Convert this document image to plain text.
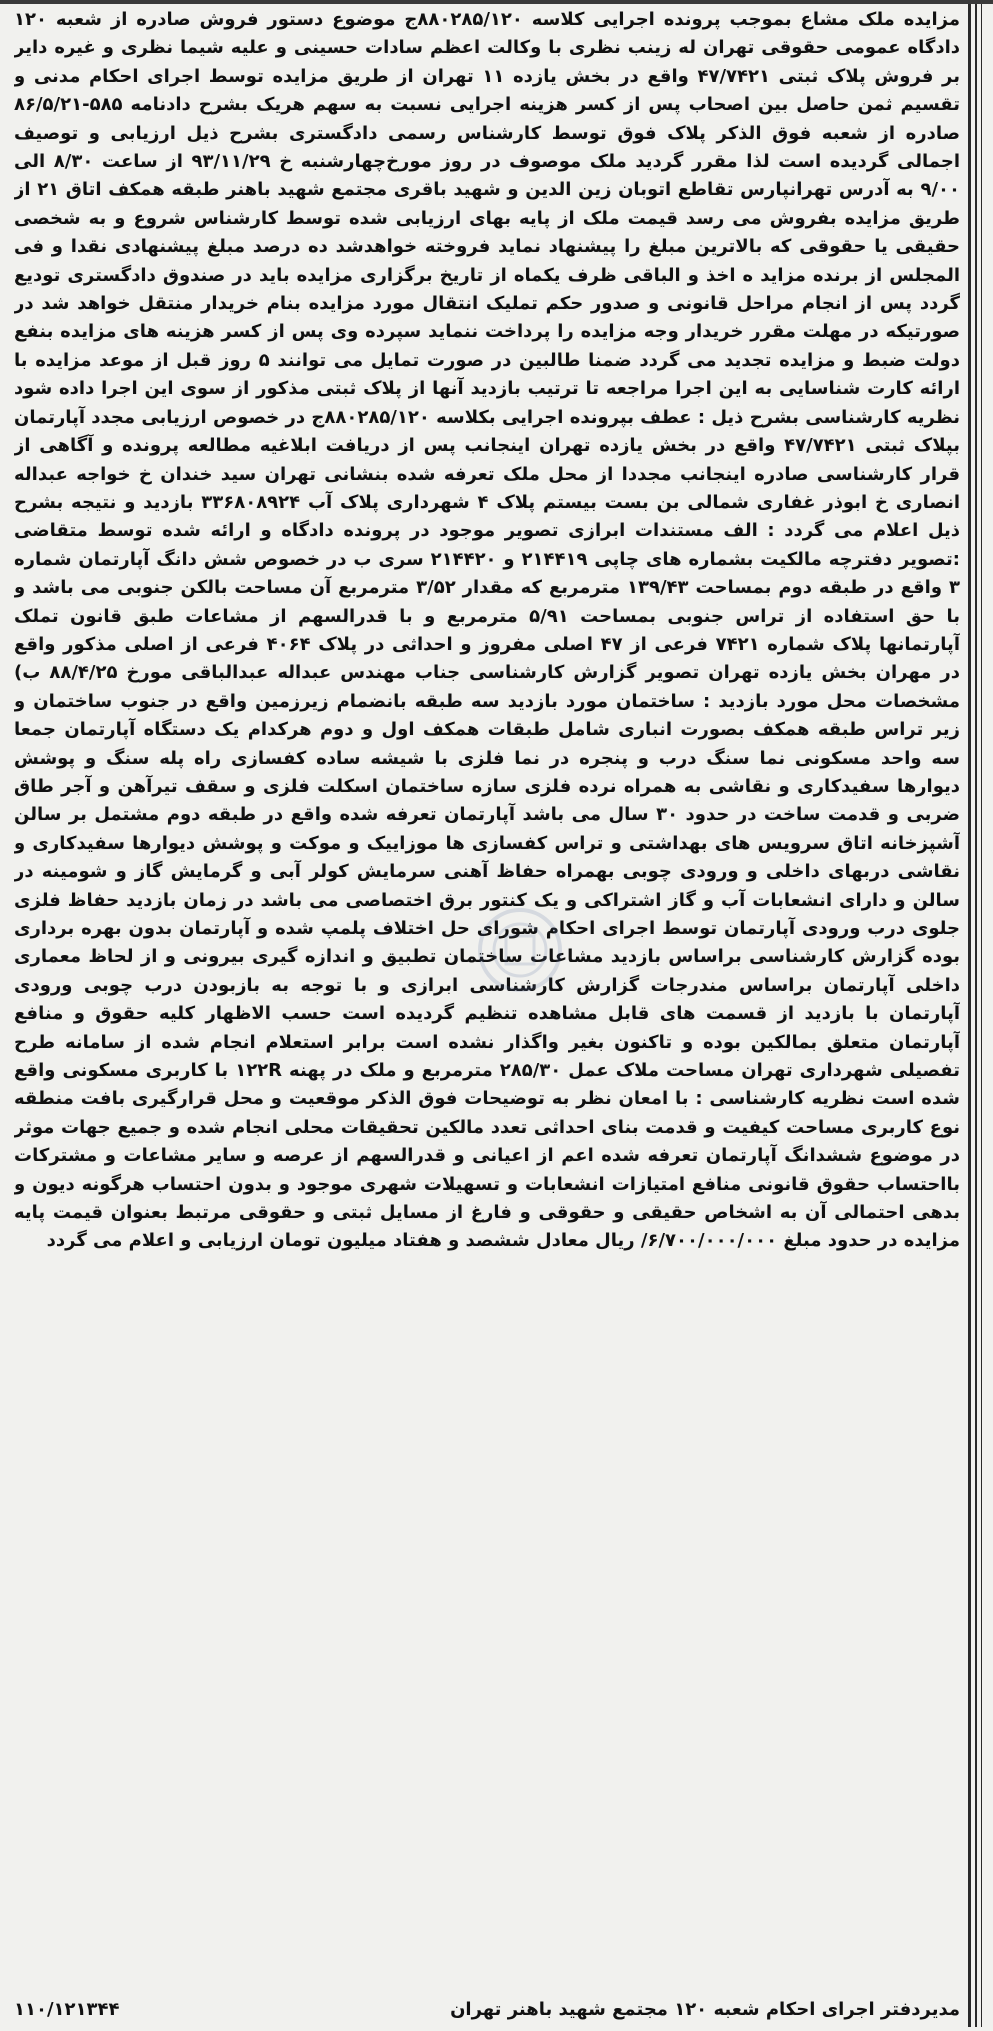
مزایده ملک مشاع بموجب پرونده اجرایی کلاسه ۸۸۰۲۸۵/۱۲۰ج موضوع دستور فروش صادره از شعبه ۱۲۰ دادگاه عمومی حقوقی تهران له زینب نظری با وکالت اعظم سادات حسینی و علیه شیما نظری و غیره دایر بر فروش پلاک ثبتی ۴۷/۷۴۲۱ واقع در بخش یازده ۱۱ تهران از طریق مزایده توسط اجرای احکام مدنی و تقسیم ثمن حاصل بین اصحاب پس از کسر هزینه اجرایی نسبت به سهم هریک بشرح دادنامه ۵۸۵-۸۶/۵/۲۱ صادره از شعبه فوق الذکر پلاک فوق توسط کارشناس رسمی دادگستری بشرح ذیل ارزیابی و توصیف اجمالی گردیده است لذا مقرر گردید ملک موصوف در روز مورخ‌چهارشنبه خ ۹۳/۱۱/۲۹ از ساعت ۸/۳۰ الی ۹/۰۰ به آدرس تهرانپارس تقاطع اتوبان زین الدین و شهید باقری مجتمع شهید باهنر طبقه همکف اتاق ۲۱ از طریق مزایده بفروش می رسد قیمت ملک از پایه بهای ارزیابی شده توسط کارشناس شروع و به شخصی حقیقی یا حقوقی که بالاترین مبلغ را پیشنهاد نماید فروخته خواهدشد ده درصد مبلغ پیشنهادی نقدا و فی المجلس از برنده مزاید ه اخذ و الباقی ظرف یکماه از تاریخ برگزاری مزایده باید در صندوق دادگستری تودیع گردد پس از انجام مراحل قانونی و صدور حکم تملیک انتقال مورد مزایده بنام خریدار منتقل خواهد شد در صورتیکه در مهلت مقرر خریدار وجه مزایده را پرداخت ننماید سپرده وی پس از کسر هزینه های مزایده بنفع دولت ضبط و مزایده تجدید می گردد ضمنا طالبین در صورت تمایل می توانند ۵ روز قبل از موعد مزایده با ارائه کارت شناسایی به این اجرا مراجعه تا ترتیب بازدید آنها از پلاک ثبتی مذکور از سوی این اجرا داده شود نظریه کارشناسی بشرح ذیل : عطف بپرونده اجرایی بکلاسه ۸۸۰۲۸۵/۱۲۰ج در خصوص ارزیابی مجدد آپارتمان بپلاک ثبتی ۴۷/۷۴۲۱ واقع در بخش یازده تهران اینجانب پس از دریافت ابلاغیه مطالعه پرونده و آگاهی از قرار کارشناسی صادره اینجانب مجددا از محل ملک تعرفه شده بنشانی تهران سید خندان خ خواجه عبداله انصاری خ ابوذر غفاری شمالی بن بست بیستم پلاک ۴ شهرداری پلاک آب ۳۳۶۸۰۸۹۲۴ بازدید و نتیجه بشرح ذیل اعلام می گردد : الف مستندات ابرازی تصویر موجود در پرونده دادگاه و ارائه شده توسط متقاضی :تصویر دفترچه مالکیت بشماره های چاپی ۲۱۴۴۱۹ و ۲۱۴۴۲۰ سری ب در خصوص شش دانگ آپارتمان شماره ۳ واقع در طبقه دوم بمساحت ۱۳۹/۴۳ مترمربع که مقدار ۳/۵۲ مترمربع آن مساحت بالکن جنوبی می باشد و با حق استفاده از تراس جنوبی بمساحت ۵/۹۱ مترمربع و با قدرالسهم از مشاعات طبق قانون تملک آپارتمانها پلاک شماره ۷۴۲۱ فرعی از ۴۷ اصلی مفروز و احداثی در پلاک ۴۰۶۴ فرعی از اصلی مذکور واقع در مهران بخش یازده تهران تصویر گزارش کارشناسی جناب مهندس عبداله عبدالباقی مورخ ۸۸/۴/۲۵ ب) مشخصات محل مورد بازدید : ساختمان مورد بازدید سه طبقه بانضمام زیرزمین واقع در جنوب ساختمان و زیر تراس طبقه همکف بصورت انباری شامل طبقات همکف اول و دوم هرکدام یک دستگاه آپارتمان جمعا سه واحد مسکونی نما سنگ درب و پنجره در نما فلزی با شیشه ساده کفسازی راه پله سنگ و پوشش دیوارها سفیدکاری و نقاشی به همراه نرده فلزی سازه ساختمان اسکلت فلزی و سقف تیرآهن و آجر طاق ضربی و قدمت ساخت در حدود ۳۰ سال می باشد آپارتمان تعرفه شده واقع در طبقه دوم مشتمل بر سالن آشپزخانه اتاق سرویس های بهداشتی و تراس کفسازی ها موزاییک و موکت و پوشش دیوارها سفیدکاری و نقاشی دربهای داخلی و ورودی چوبی بهمراه حفاظ آهنی سرمایش کولر آبی و گرمایش گاز و شومینه در سالن و دارای انشعابات آب و گاز اشتراکی و یک کنتور برق اختصاصی می باشد در زمان بازدید حفاظ فلزی جلوی درب ورودی آپارتمان توسط اجرای احکام شورای حل اختلاف پلمپ شده و آپارتمان بدون بهره برداری بوده گزارش کارشناسی براساس بازدید مشاعات ساختمان تطبیق و اندازه گیری بیرونی و از لحاظ معماری داخلی آپارتمان براساس مندرجات گزارش کارشناسی ابرازی و با توجه به بازبودن درب چوبی ورودی آپارتمان با بازدید از قسمت های قابل مشاهده تنظیم گردیده است حسب الاظهار کلیه حقوق و منافع آپارتمان متعلق بمالکین بوده و تاکنون بغیر واگذار نشده است برابر استعلام انجام شده از سامانه طرح تفصیلی شهرداری تهران مساحت ملاک عمل ۲۸۵/۳۰ مترمربع و ملک در پهنه ۱۲۲R با کاربری مسکونی واقع شده است نظریه کارشناسی : با امعان نظر به توضیحات فوق الذکر موقعیت و محل قرارگیری بافت منطقه نوع کاربری مساحت کیفیت و قدمت بنای احداثی تعدد مالکین تحقیقات محلی انجام شده و جمیع جهات موثر در موضوع ششدانگ آپارتمان تعرفه شده اعم از اعیانی و قدرالسهم از عرصه و سایر مشاعات و مشترکات بااحتساب حقوق قانونی منافع امتیازات انشعابات و تسهیلات شهری موجود و بدون احتساب هرگونه دیون و بدهی احتمالی آن به اشخاص حقیقی و حقوقی و فارغ از مسایل ثبتی و حقوقی مرتبط بعنوان قیمت پایه مزایده در حدود مبلغ ۶/۷۰۰/۰۰۰/۰۰۰/ ریال معادل ششصد و هفتاد میلیون تومان ارزیابی و اعلام می گردد

مدیردفتر اجرای احکام شعبه ۱۲۰ مجتمع شهید باهنر تهران
۱۱۰/۱۲۱۳۴۴
